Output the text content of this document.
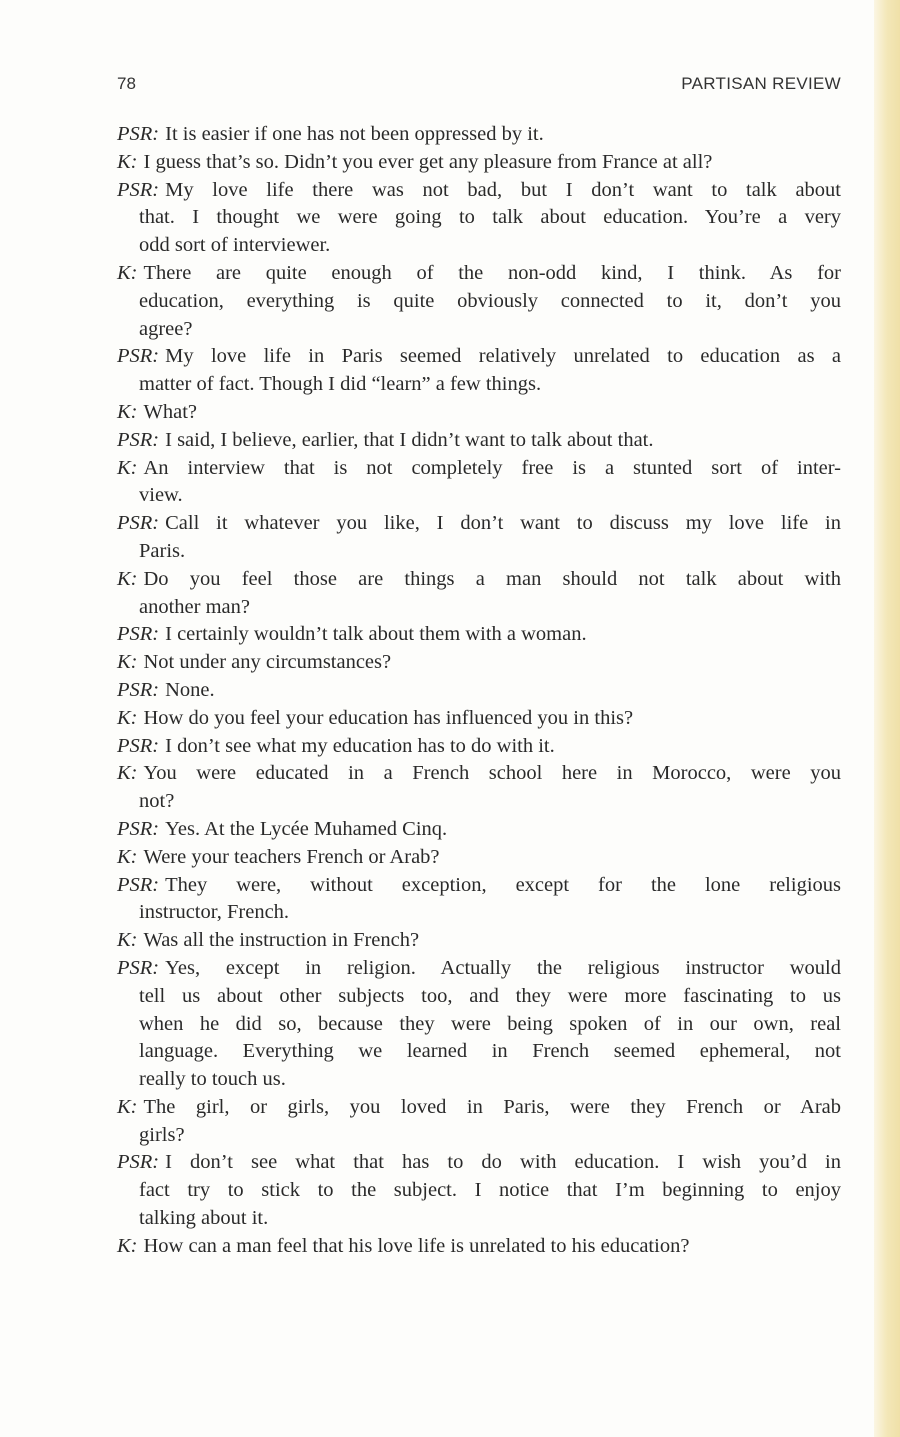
78	PARTISAN REVIEW
PSR: It is easier if one has not been oppressed by it.
K: I guess that’s so. Didn’t you ever get any pleasure from France at all?
PSR: My love life there was not bad, but I don’t want to talk about
that. I thought we were going to talk about education. You’re a very
odd sort of interviewer.
K: There are quite enough of the non-odd kind, I think. As for
education, everything is quite obviously connected to it, don’t you
agree?
PSR: My love life in Paris seemed relatively unrelated to education as a
matter of fact. Though I did “learn” a few things.
K: What?
PSR: I said, I believe, earlier, that I didn’t want to talk about that.
K: An interview that is not completely free is a stunted sort of inter-
view.
PSR: Call it whatever you like, I don’t want to discuss my love life in
Paris.
K: Do you feel those are things a man should not talk about with
another man?
PSR: I certainly wouldn’t talk about them with a woman.
K: Not under any circumstances?
PSR: None.
K: How do you feel your education has influenced you in this?
PSR: I don’t see what my education has to do with it.
K: You were educated in a French school here in Morocco, were you
not?
PSR: Yes. At the Lycée Muhamed Cinq.
K: Were your teachers French or Arab?
PSR: They were, without exception, except for the lone religious
instructor, French.
K: Was all the instruction in French?
PSR: Yes, except in religion. Actually the religious instructor would
tell us about other subjects too, and they were more fascinating to us
when he did so, because they were being spoken of in our own, real
language. Everything we learned in French seemed ephemeral, not
really to touch us.
K: The girl, or girls, you loved in Paris, were they French or Arab
girls?
PSR: I don’t see what that has to do with education. I wish you’d in
fact try to stick to the subject. I notice that I’m beginning to enjoy
talking about it.
K: How can a man feel that his love life is unrelated to his education?
